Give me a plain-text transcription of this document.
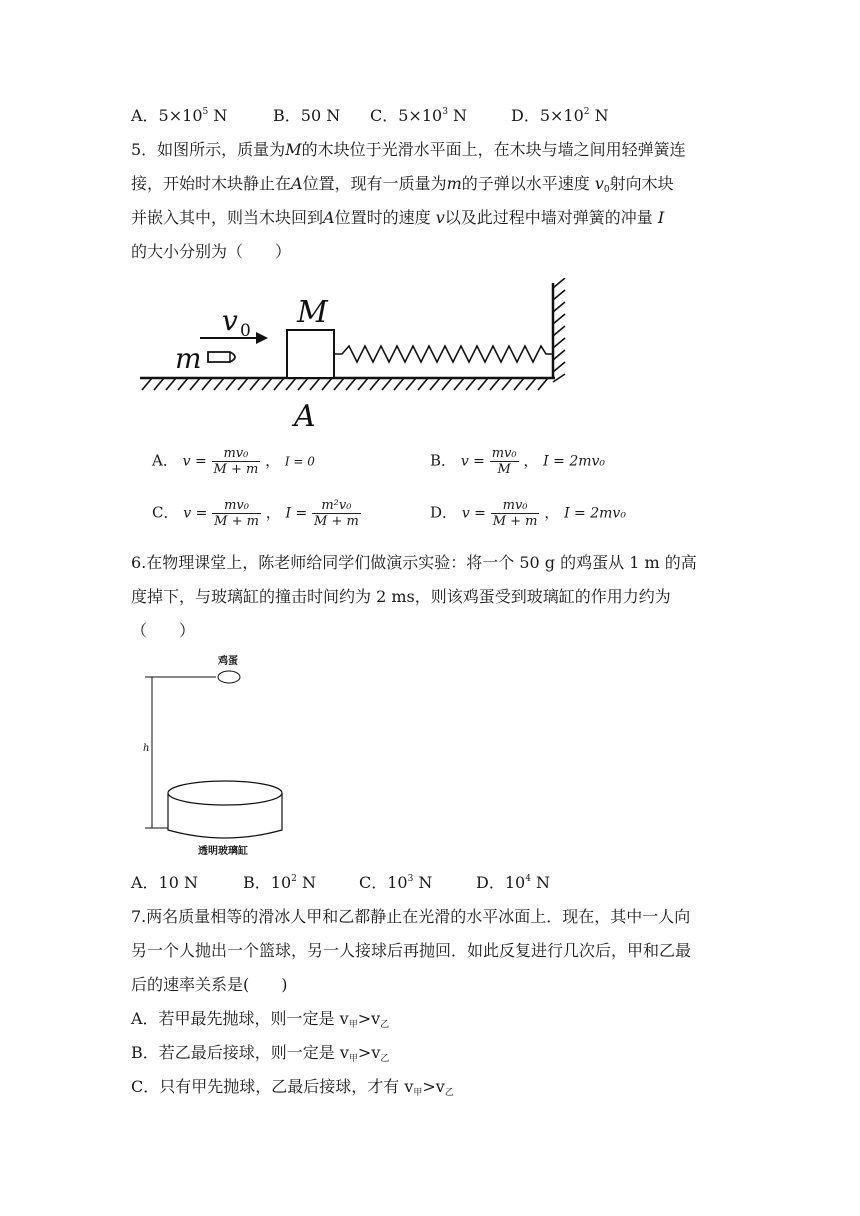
A．$5\times 10^5$ N	B．50 N C．$5\times 10^3$ N	D．$5\times 10^2$ N
5．如图所示，质量为M的木块位于光滑水平面上，在木块与墙之间用轻弹簧连
接，开始时木块静止在A位置，现有一质量为m的子弹以水平速度 $v_0$射向木块
并嵌入其中，则当木块回到A位置时的速度 v以及此过程中墙对弹簧的冲量 I
的大小分别为（　　）
v 0
M
m
A
A． $v = \frac{\text{mv₀}}{M + m}$ ， I = 0	B． $v = \frac{\text{mv₀}}{M}$ ， I = 2mv₀
C． $v = \frac{\text{mv₀}}{M + m}$ ， $I = \frac{\text{m²v₀}}{M + m}$	D． $v = \frac{\text{mv₀}}{M + m}$ ， I = 2mv₀
6.在物理课堂上，陈老师给同学们做演示实验：将一个 50 g 的鸡蛋从 1 m 的高
度掉下，与玻璃缸的撞击时间约为 2 ms，则该鸡蛋受到玻璃缸的作用力约为
（　　）
鸡蛋
h
透明玻璃缸
A．10 N	B．$10^2$ N	C．$10^3$ N	D．$10^4$ N
7.两名质量相等的滑冰人甲和乙都静止在光滑的水平冰面上．现在，其中一人向
另一个人抛出一个篮球，另一人接球后再抛回．如此反复进行几次后，甲和乙最
后的速率关系是(　　)
A．若甲最先抛球，则一定是 $v_甲>v_乙$
B．若乙最后接球，则一定是 $v_甲>v_乙$
C．只有甲先抛球，乙最后接球，才有 $v_甲>v_乙$
